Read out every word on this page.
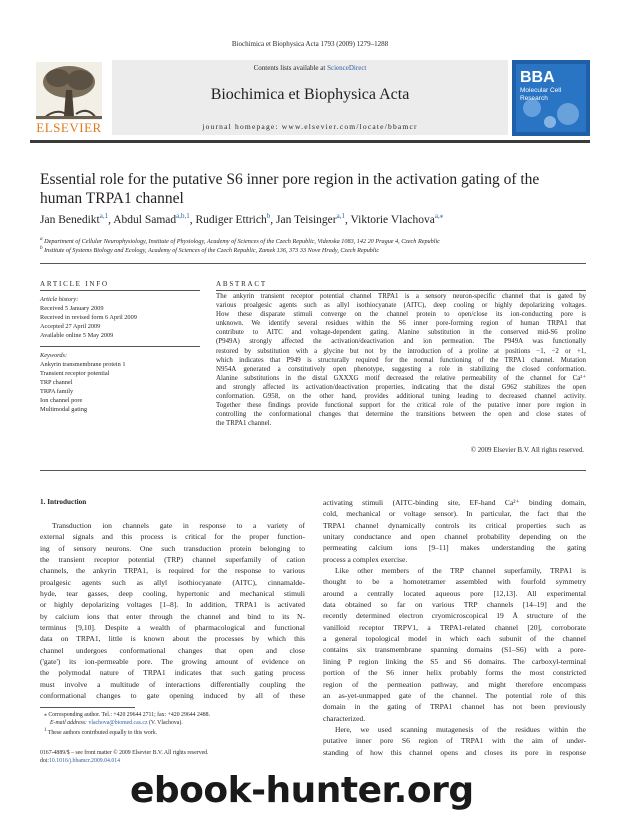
Biochimica et Biophysica Acta 1793 (2009) 1279–1288
Contents lists available at ScienceDirect
Biochimica et Biophysica Acta
journal homepage: www.elsevier.com/locate/bbamcr
ELSEVIER
BBA
Molecular Cell
Research
Essential role for the putative S6 inner pore region in the activation gating of the
human TRPA1 channel
Jan Benedikt$^{a,1}$, Abdul Samad$^{a,b,1}$, Rudiger Ettrich$^b$, Jan Teisinger$^{a,1}$, Viktorie Vlachova$^{a,⁎}$
$^a$ Department of Cellular Neurophysiology, Institute of Physiology, Academy of Sciences of the Czech Republic, Videnska 1083, 142 20 Prague 4, Czech Republic
$^b$ Institute of Systems Biology and Ecology, Academy of Sciences of the Czech Republic, Zamek 136, 373 33 Nove Hrady, Czech Republic
ARTICLE INFO
Article history:
Received 5 January 2009
Received in revised form 6 April 2009
Accepted 27 April 2009
Available online 5 May 2009
Keywords:
Ankyrin transmembrane protein 1
Transient receptor potential
TRP channel
TRPA family
Ion channel pore
Multimodal gating
ABSTRACT
The ankyrin transient receptor potential channel TRPA1 is a sensory neuron-specific channel that is gated by
various proalgesic agents such as allyl isothiocyanate (AITC), deep cooling or highly depolarizing voltages.
How these disparate stimuli converge on the channel protein to open/close its ion-conducting pore is
unknown. We identify several residues within the S6 inner pore-forming region of human TRPA1 that
contribute to AITC and voltage-dependent gating. Alanine substitution in the conserved mid-S6 proline
(P949A) strongly affected the activation/deactivation and ion permeation. The P949A was functionally
restored by substitution with a glycine but not by the introduction of a proline at positions −1, −2 or +1,
which indicates that P949 is structurally required for the normal functioning of the TRPA1 channel. Mutation
N954A generated a constitutively open phenotype, suggesting a role in stabilizing the closed conformation.
Alanine substitutions in the distal GXXXG motif decreased the relative permeability of the channel for Ca²⁺
and strongly affected its activation/deactivation properties, indicating that the distal G962 stabilizes the open
conformation. G958, on the other hand, provides additional tuning leading to decreased channel activity.
Together these findings provide functional support for the critical role of the putative inner pore region in
controlling the conformational changes that determine the transitions between the open and close states of
the TRPA1 channel.
© 2009 Elsevier B.V. All rights reserved.
1. Introduction
Transduction ion channels gate in response to a variety of
external signals and this process is critical for the proper function-
ing of sensory neurons. One such transduction protein belonging to
the transient receptor potential (TRP) channel superfamily of cation
channels, the ankyrin TRPA1, is required for the response to various
proalgesic agents such as allyl isothiocyanate (AITC), cinnamalde-
hyde, tear gasses, deep cooling, hypertonic and mechanical stimuli
or highly depolarizing voltages [1–8]. In addition, TRPA1 is activated
by calcium ions that enter through the channel and bind to its N-
terminus [9,10]. Despite a wealth of pharmacological and functional
data on TRPA1, little is known about the processes by which this
channel undergoes conformational changes that open and close
('gate') its ion-permeable pore. The growing amount of evidence on
the polymodal nature of TRPA1 indicates that such gating process
must involve a multitude of interactions differentially coupling the
conformational changes to gate opening induced by all of these
activating stimuli (AITC-binding site, EF-hand Ca²⁺ binding domain,
cold, mechanical or voltage sensor). In particular, the fact that the
TRPA1 channel dynamically controls its critical properties such as
unitary conductance and open channel probability depending on the
permeating calcium ions [9–11] makes understanding the gating
process a complex exercise.
Like other members of the TRP channel superfamily, TRPA1 is
thought to be a homotetramer assembled with fourfold symmetry
around a centrally located aqueous pore [12,13]. All experimental
data obtained so far on various TRP channels [14–19] and the
recently determined electron cryomicroscopical 19 Å structure of the
vanilloid receptor TRPV1, a TRPA1-related channel [20], corroborate
a general topological model in which each subunit of the channel
contains six transmembrane spanning domains (S1–S6) with a pore-
lining P region linking the S5 and S6 domains. The carboxyl-terminal
portion of the S6 inner helix probably forms the most constricted
region of the permeation pathway, and might therefore encompass
an as-yet-unmapped gate of the channel. The potential role of this
domain in the gating of TRPA1 channel has not been previously
characterized.
Here, we used scanning mutagenesis of the residues within the
putative inner pore S6 region of TRPA1 with the aim of under-
standing of how this channel opens and closes its pore in response
⁎ Corresponding author. Tel.: +420 29644 2711; fax: +420 29644 2488.
E-mail address: vlachova@biomed.cas.cz (V. Vlachova).
$^1$ These authors contributed equally to this work.
0167-4889/$ – see front matter © 2009 Elsevier B.V. All rights reserved.
doi:10.1016/j.bbamcr.2009.04.014
ebook-hunter.org
